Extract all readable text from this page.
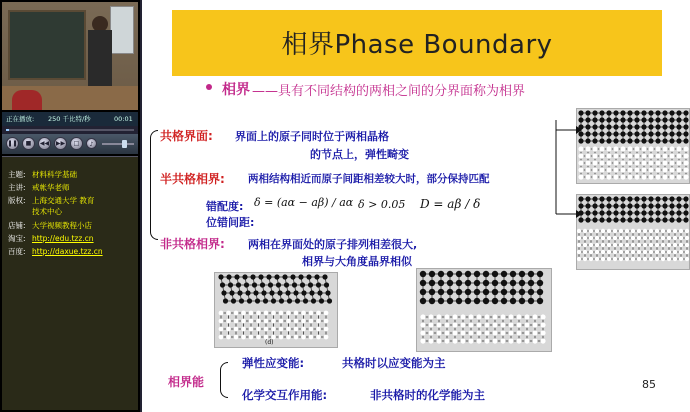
正在播放: 250 千比特/秒	00:01
❚❚	■	◀◀	▶▶	□	♪
主题: 材料科学基础
主讲: 戒帐华老师
版权: 上海交通大学 教育
技术中心
店铺: 大学视频教程小店
淘宝: http://edu.tzz.cn
百度: http://daxue.tzz.cn
相界Phase Boundary
相界 ——具有不同结构的两相之间的分界面称为相界
共格界面: 界面上的原子同时位于两相晶格
的节点上，弹性畸变
半共格相界: 两相结构相近而原子间距相差较大时，部分保持匹配
错配度: δ = (aα − aβ) / aα δ > 0.05
位错间距:
D = aβ / δ
非共格相界: 两相在界面处的原子排列相差很大,
相界与大角度晶界相似
(d)
相界能
弹性应变能:	共格时以应变能为主
化学交互作用能:	非共格时的化学能为主
85
